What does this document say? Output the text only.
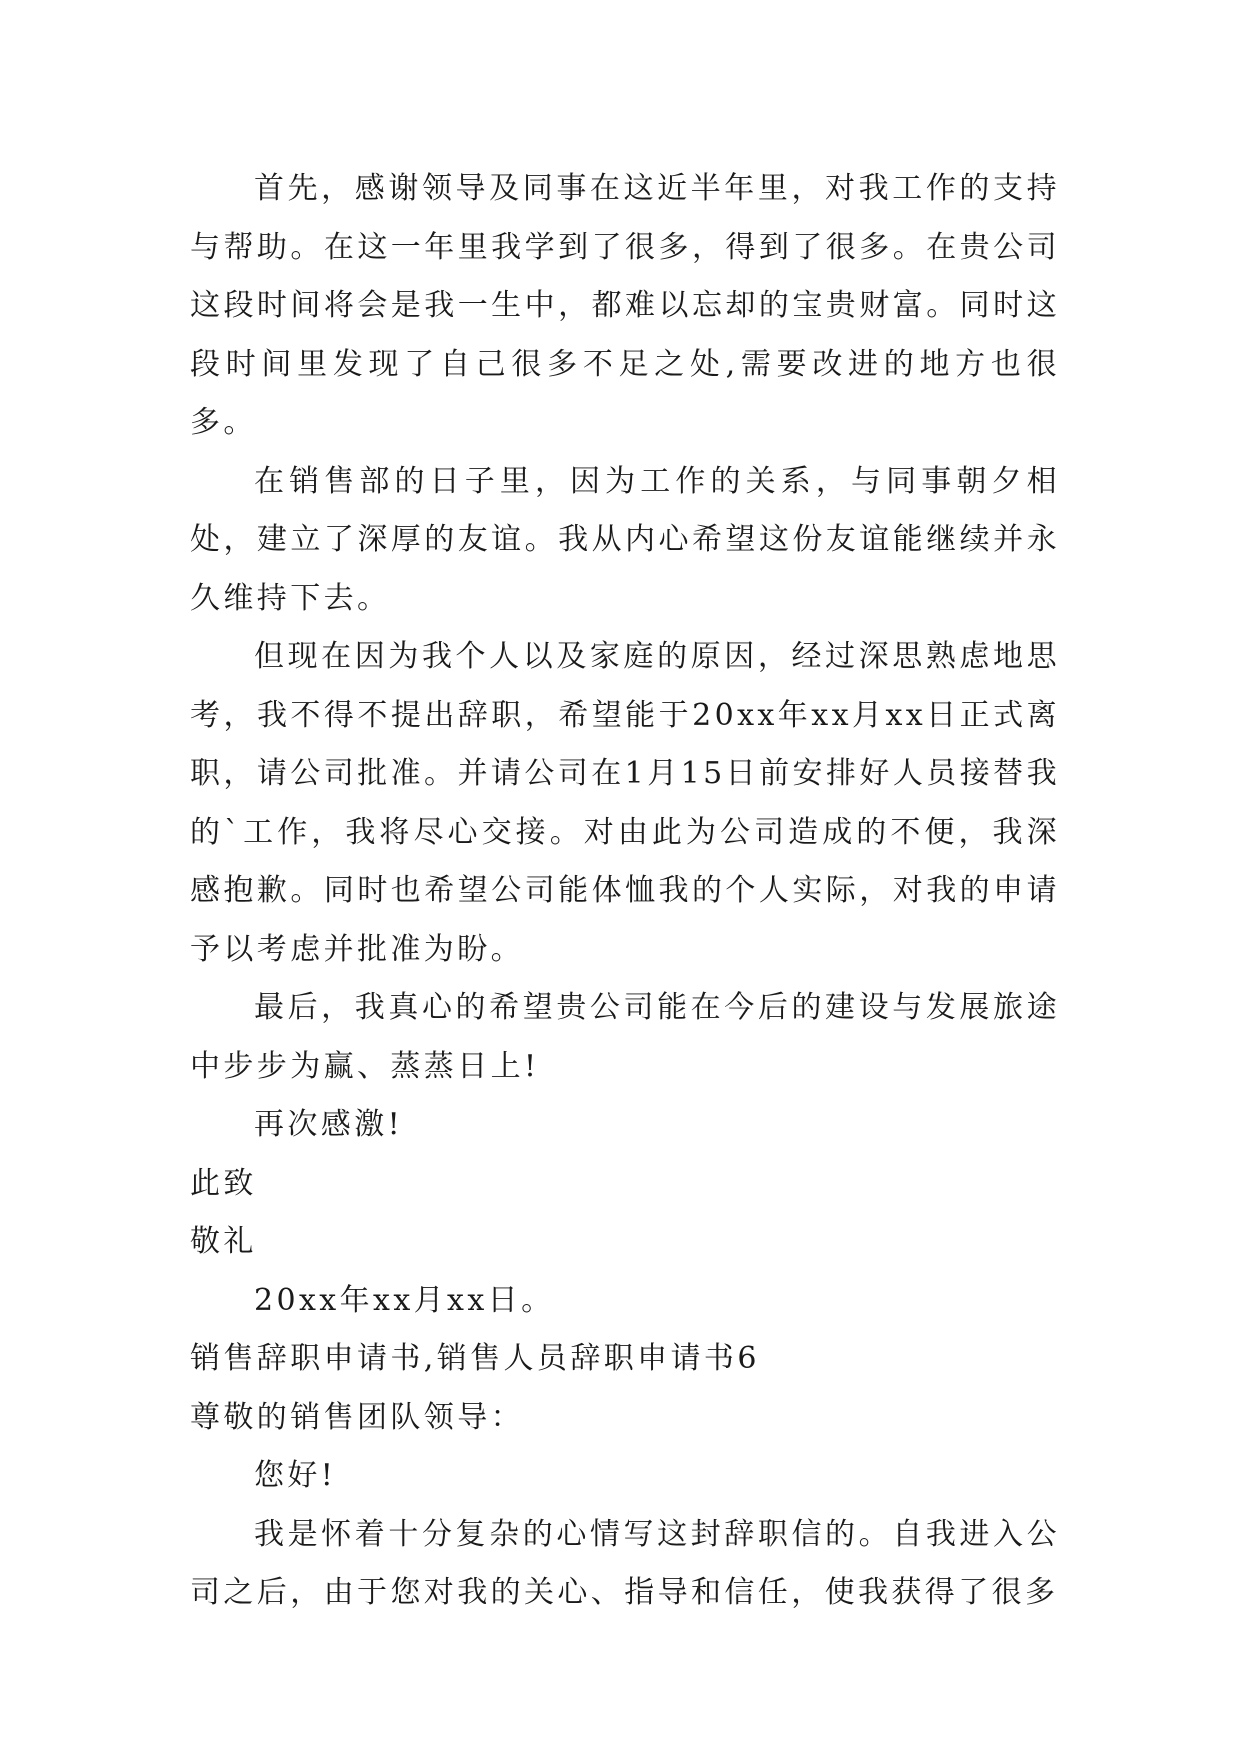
首先，感谢领导及同事在这近半年里，对我工作的支持与帮助。在这一年里我学到了很多，得到了很多。在贵公司这段时间将会是我一生中，都难以忘却的宝贵财富。同时这段时间里发现了自己很多不足之处,需要改进的地方也很多。

在销售部的日子里，因为工作的关系，与同事朝夕相处，建立了深厚的友谊。我从内心希望这份友谊能继续并永久维持下去。

但现在因为我个人以及家庭的原因，经过深思熟虑地思考，我不得不提出辞职，希望能于20xx年xx月xx日正式离职，请公司批准。并请公司在1月15日前安排好人员接替我的`工作，我将尽心交接。对由此为公司造成的不便，我深感抱歉。同时也希望公司能体恤我的个人实际，对我的申请予以考虑并批准为盼。

最后，我真心的希望贵公司能在今后的建设与发展旅途中步步为赢、蒸蒸日上!

再次感激!

此致

敬礼

20xx年xx月xx日。

销售辞职申请书,销售人员辞职申请书6

尊敬的销售团队领导：

您好!

我是怀着十分复杂的心情写这封辞职信的。自我进入公司之后，由于您对我的关心、指导和信任，使我获得了很多
